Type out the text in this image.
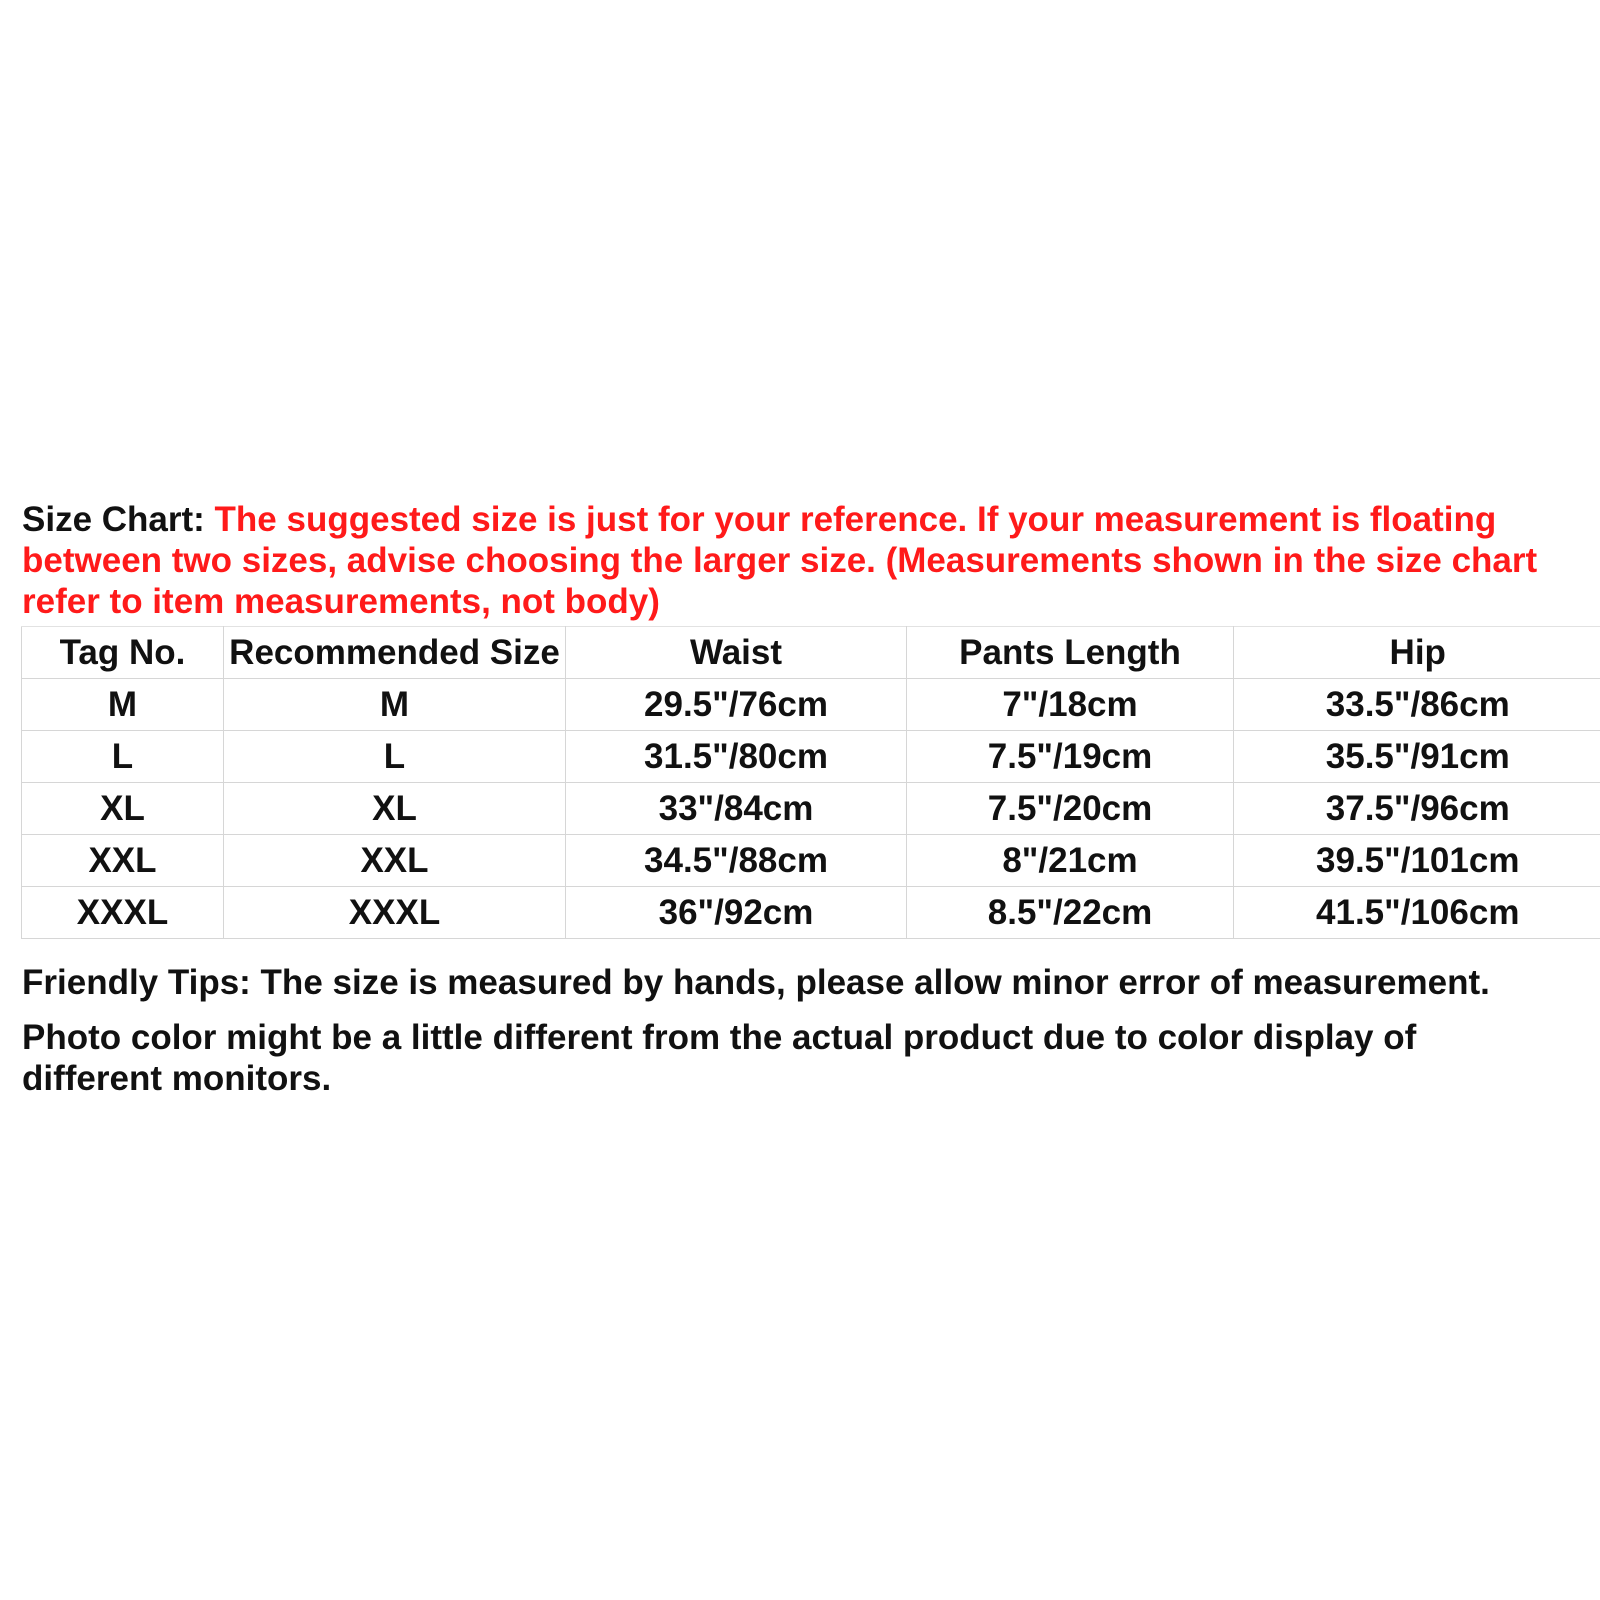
Size Chart: The suggested size is just for your reference. If your measurement is floating
between two sizes, advise choosing the larger size. (Measurements shown in the size chart
refer to item measurements, not body)
Tag No.	Recommended Size	Waist	Pants Length	Hip
M	M	29.5"/76cm	7"/18cm	33.5"/86cm
L	L	31.5"/80cm	7.5"/19cm	35.5"/91cm
XL	XL	33"/84cm	7.5"/20cm	37.5"/96cm
XXL	XXL	34.5"/88cm	8"/21cm	39.5"/101cm
XXXL	XXXL	36"/92cm	8.5"/22cm	41.5"/106cm
Friendly Tips: The size is measured by hands, please allow minor error of measurement.
Photo color might be a little different from the actual product due to color display of different monitors.
